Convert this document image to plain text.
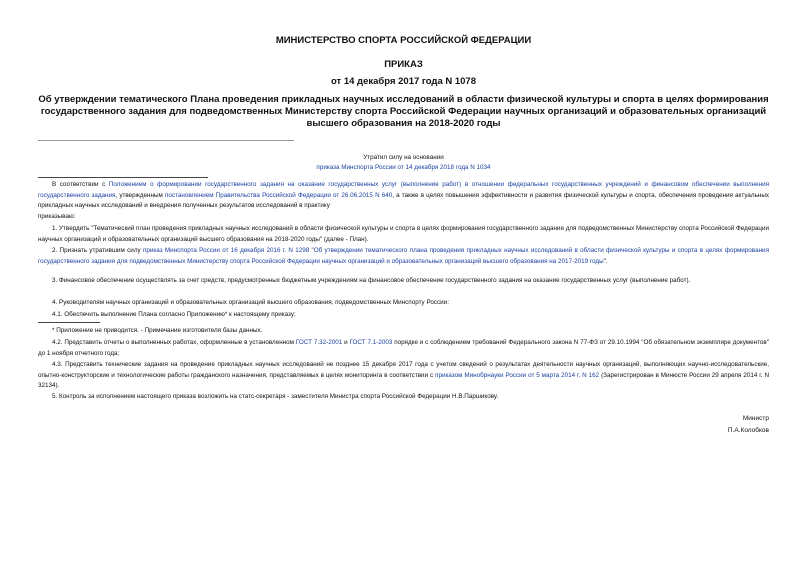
МИНИСТЕРСТВО СПОРТА РОССИЙСКОЙ ФЕДЕРАЦИИ
ПРИКАЗ
от 14 декабря 2017 года N 1078
Об утверждении тематического Плана проведения прикладных научных исследований в области физической культуры и спорта в целях формирования государственного задания для подведомственных Министерству спорта Российской Федерации научных организаций и образовательных организаций высшего образования на 2018-2020 годы
Утратил силу на основании
приказа Минспорта России от 14 декабря 2018 года N 1034
В соответствии с Положением о формировании государственного задания на оказание государственных услуг (выполнение работ) в отношении федеральных государственных учреждений и финансовом обеспечении выполнения государственного задания, утвержденным постановлением Правительства Российской Федерации от 26.06.2015 N 640, а также в целях повышения эффективности и развития физической культуры и спорта, обеспечения проведения актуальных прикладных научных исследований и внедрения полученных результатов исследований в практику
приказываю:
1. Утвердить "Тематический план проведения прикладных научных исследований в области физической культуры и спорта в целях формирования государственного задания для подведомственных Министерству спорта Российской Федерации научных организаций и образовательных организаций высшего образования на 2018-2020 годы" (далее - План).
2. Признать утратившим силу приказ Минспорта России от 16 декабря 2016 г. N 1298 "Об утверждении тематического плана проведения прикладных научных исследований в области физической культуры и спорта в целях формирования государственного задания для подведомственных Министерству спорта Российской Федерации научных организаций и образовательных организаций высшего образования на 2017-2019 годы".
3. Финансовое обеспечение осуществлять за счет средств, предусмотренных бюджетным учреждениям на финансовое обеспечение государственного задания на оказание государственных услуг (выполнение работ).
4. Руководителям научных организаций и образовательных организаций высшего образования, подведомственных Минспорту России:
4.1. Обеспечить выполнение Плана согласно Приложению* к настоящему приказу;
* Приложение не приводится. - Примечание изготовителя базы данных.
4.2. Представить отчеты о выполненных работах, оформленные в установленном ГОСТ 7.32-2001 и ГОСТ 7.1-2003 порядке и с соблюдением требований Федерального закона N 77-ФЗ от 29.10.1994 "Об обязательном экземпляре документов" до 1 ноября отчетного года;
4.3. Представить технические задания на проведение прикладных научных исследований не позднее 15 декабря 2017 года с учетом сведений о результатах деятельности научных организаций, выполняющих научно-исследовательские, опытно-конструкторские и технологические работы гражданского назначения, представляемых в целях мониторинга в соответствии с приказом Минобрнауки России от 5 марта 2014 г. N 162 (Зарегистрирован в Минюсте России 29 апреля 2014 г. N 32134).
5. Контроль за исполнением настоящего приказа возложить на статс-секретаря - заместителя Министра спорта Российской Федерации Н.В.Паршикову.
Министр
П.А.Колобков
